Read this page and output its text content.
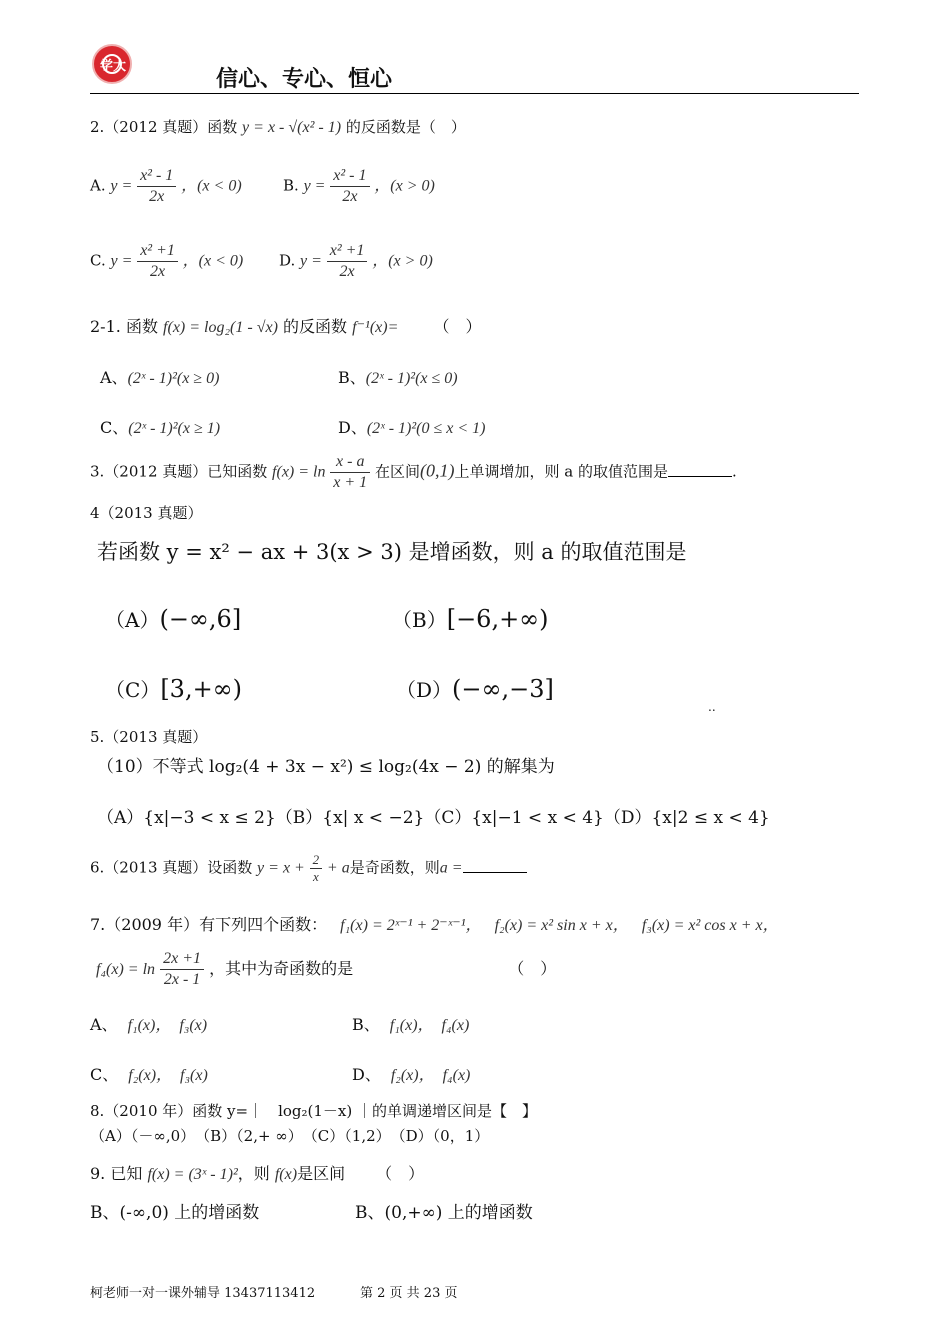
学大
信心、专心、恒心
2.（2012 真题）函数 y = x - √(x² - 1) 的反函数是（　）
A. $y = \frac{\text{x² - 1}}{2x}$ ，(x < 0)	B. $y = \frac{\text{x² - 1}}{2x}$ ，(x > 0)
C. $y = \frac{\text{x² +1}}{2x}$ ，(x < 0) D. $y = \frac{\text{x² +1}}{2x}$ ，(x > 0)
2-1. 函数 f(x) = log₂(1 - √x) 的反函数 f⁻¹(x)= （　）
A、(2ˣ - 1)²(x ≥ 0)	B、(2ˣ - 1)²(x ≤ 0)
C、(2ˣ - 1)²(x ≥ 1)	D、(2ˣ - 1)²(0 ≤ x < 1)
3.（2012 真题）已知函数 $f(x) = \ln \frac{x - a}{x + 1}$ 在区间(0,1)上单调增加，则 a 的取值范围是	.
4（2013 真题）
若函数 y = x² − ax + 3(x > 3) 是增函数，则 a 的取值范围是
（A）(−∞,6]	（B）[−6,+∞)
（C）[3,+∞)	（D）(−∞,−3]
..
5.（2013 真题）
（10）不等式 log₂(4 + 3x − x²) ≤ log₂(4x − 2) 的解集为
（A）{x|−3 < x ≤ 2}（B）{x| x < −2}（C）{x|−1 < x < 4}（D）{x|2 ≤ x < 4}
6.（2013 真题）设函数 $y = x + \frac{2}{x} + a$是奇函数，则a =
7.（2009 年）有下列四个函数： f₁(x) = 2ˣ⁻¹ + 2⁻ˣ⁻¹， f₂(x) = x² sin x + x， f₃(x) = x² cos x + x，
$f_4(x) = \ln \frac{2x +1}{2x - 1}$ ，其中为奇函数的是	（　）
A、 f₁(x)，　f₃(x)	B、 f₁(x)，　f₄(x)
C、 f₂(x)，　f₃(x)	D、 f₂(x)，　f₄(x)
8.（2010 年）函数 y=｜　log₂(1－x) ｜的单调递增区间是【　】
（A）（－∞,0）　（B）（2,+ ∞）　（C）（1,2）　（D）（0，1）
9. 已知 f(x) = (3ˣ - 1)²，则 f(x)是区间 （　）
B、(-∞,0) 上的增函数	B、(0,+∞) 上的增函数
柯老师一对一课外辅导 13437113412	第 2 页 共 23 页
